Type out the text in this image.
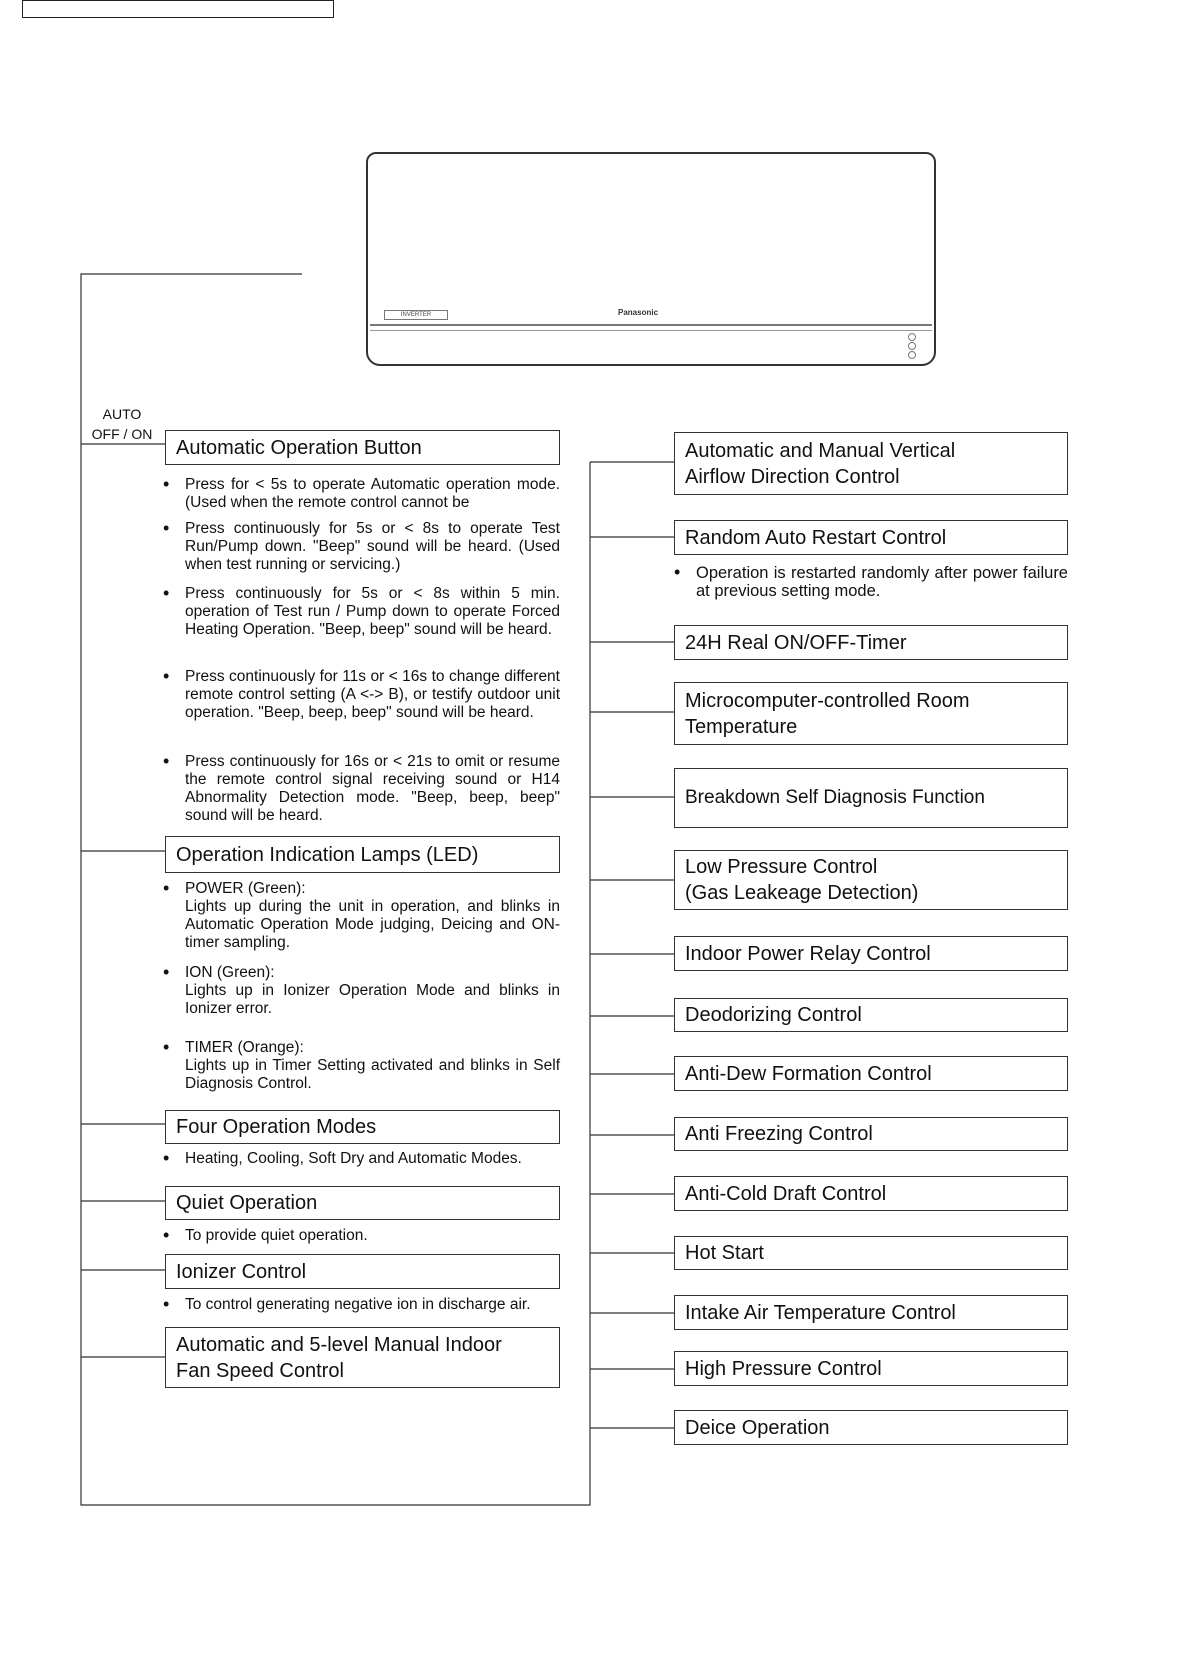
INVERTER	Panasonic
AUTO
OFF / ON
Automatic Operation Button
• Press for < 5s to operate Automatic operation mode. (Used when the remote control cannot be
• Press continuously for 5s or < 8s to operate Test Run/Pump down. "Beep" sound will be heard. (Used when test running or servicing.)
• Press continuously for 5s or < 8s within 5 min. operation of Test run / Pump down to operate Forced Heating Operation. "Beep, beep" sound will be heard.
• Press continuously for 11s or < 16s to change different remote control setting (A <-> B), or testify outdoor unit operation. "Beep, beep, beep" sound will be heard.
• Press continuously for 16s or < 21s to omit or resume the remote control signal receiving sound or H14 Abnormality Detection mode. "Beep, beep, beep" sound will be heard.
Operation Indication Lamps (LED)
• POWER (Green):
Lights up during the unit in operation, and blinks in Automatic Operation Mode judging, Deicing and ON-timer sampling.
• ION (Green):
Lights up in Ionizer Operation Mode and blinks in Ionizer error.
• TIMER (Orange):
Lights up in Timer Setting activated and blinks in Self Diagnosis Control.
Four Operation Modes
• Heating, Cooling, Soft Dry and Automatic Modes.
Quiet Operation
• To provide quiet operation.
Ionizer Control
• To control generating negative ion in discharge air.
Automatic and 5-level Manual Indoor
Fan Speed Control
Automatic and Manual Vertical
Airflow Direction Control
Random Auto Restart Control
• Operation is restarted randomly after power failure at previous setting mode.
24H Real ON/OFF-Timer
Microcomputer-controlled Room
Temperature
Breakdown Self Diagnosis Function
Low Pressure Control
(Gas Leakeage Detection)
Indoor Power Relay Control
Deodorizing Control
Anti-Dew Formation Control
Anti Freezing Control
Anti-Cold Draft Control
Hot Start
Intake Air Temperature Control
High Pressure Control
Deice Operation
